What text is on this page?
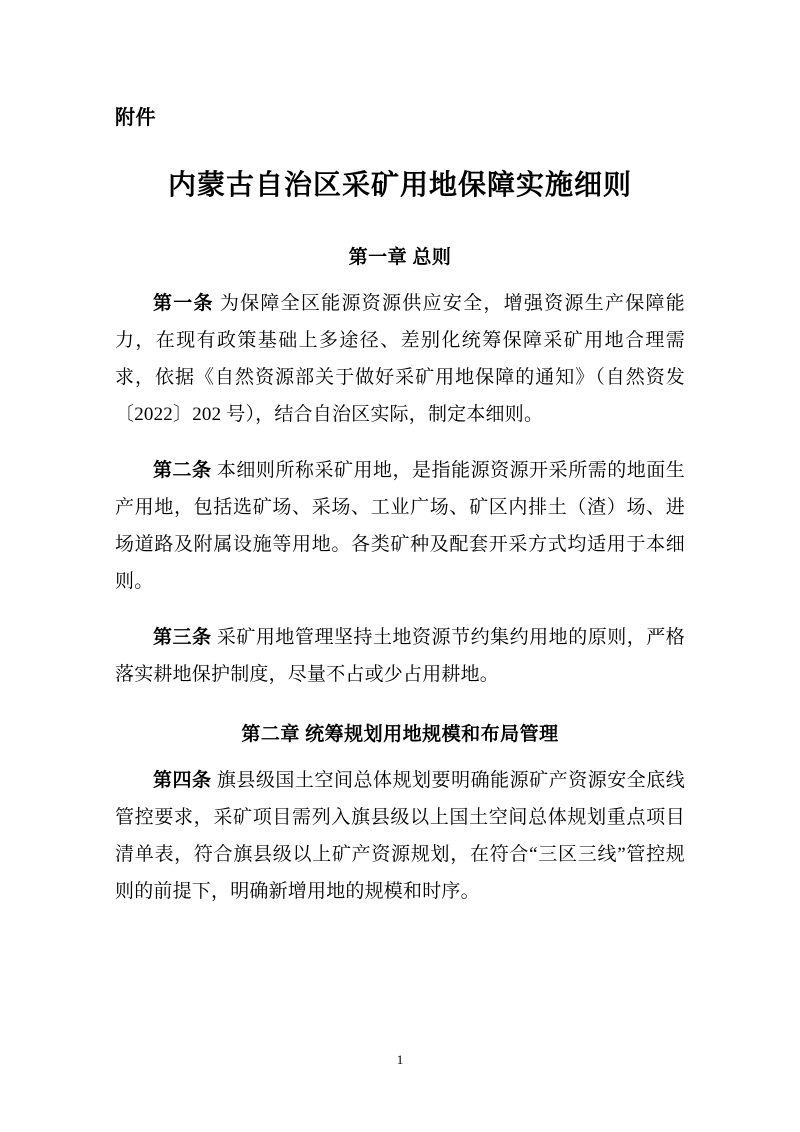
附件
内蒙古自治区采矿用地保障实施细则
第一章 总则

第一条 为保障全区能源资源供应安全，增强资源生产保障能力，在现有政策基础上多途径、差别化统筹保障采矿用地合理需求，依据《自然资源部关于做好采矿用地保障的通知》（自然资发〔2022〕202 号），结合自治区实际，制定本细则。

第二条 本细则所称采矿用地，是指能源资源开采所需的地面生产用地，包括选矿场、采场、工业广场、矿区内排土（渣）场、进场道路及附属设施等用地。各类矿种及配套开采方式均适用于本细则。

第三条 采矿用地管理坚持土地资源节约集约用地的原则，严格落实耕地保护制度，尽量不占或少占用耕地。

第二章 统筹规划用地规模和布局管理

第四条 旗县级国土空间总体规划要明确能源矿产资源安全底线管控要求，采矿项目需列入旗县级以上国土空间总体规划重点项目清单表，符合旗县级以上矿产资源规划，在符合“三区三线”管控规则的前提下，明确新增用地的规模和时序。

1
